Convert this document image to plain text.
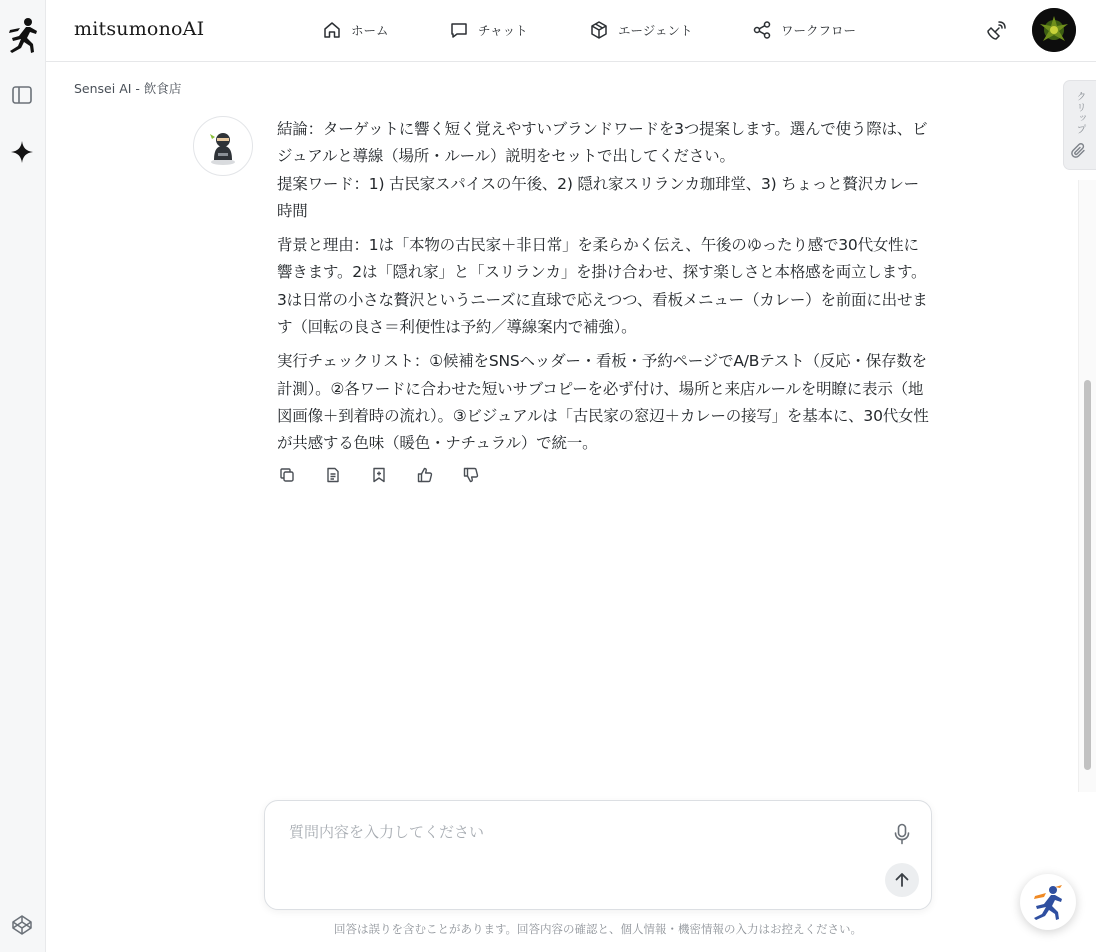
mitsumonoAI	ホーム	チャット	エージェント	ワークフロー
Sensei AI - 飲食店

結論：ターゲットに響く短く覚えやすいブランドワードを3つ提案します。選んで使う際は、ビジュアルと導線（場所・ルール）説明をセットで出してください。

提案ワード：1) 古民家スパイスの午後、2) 隠れ家スリランカ珈琲堂、3) ちょっと贅沢カレー時間

背景と理由：1は「本物の古民家＋非日常」を柔らかく伝え、午後のゆったり感で30代女性に響きます。2は「隠れ家」と「スリランカ」を掛け合わせ、探す楽しさと本格感を両立します。3は日常の小さな贅沢というニーズに直球で応えつつ、看板メニュー（カレー）を前面に出せます（回転の良さ＝利便性は予約／導線案内で補強）。

実行チェックリスト：①候補をSNSヘッダー・看板・予約ページでA/Bテスト（反応・保存数を計測）。②各ワードに合わせた短いサブコピーを必ず付け、場所と来店ルールを明瞭に表示（地図画像＋到着時の流れ）。③ビジュアルは「古民家の窓辺＋カレーの接写」を基本に、30代女性が共感する色味（暖色・ナチュラル）で統一。

クリップ
質問内容を入力してください
回答は誤りを含むことがあります。回答内容の確認と、個人情報・機密情報の入力はお控えください。
